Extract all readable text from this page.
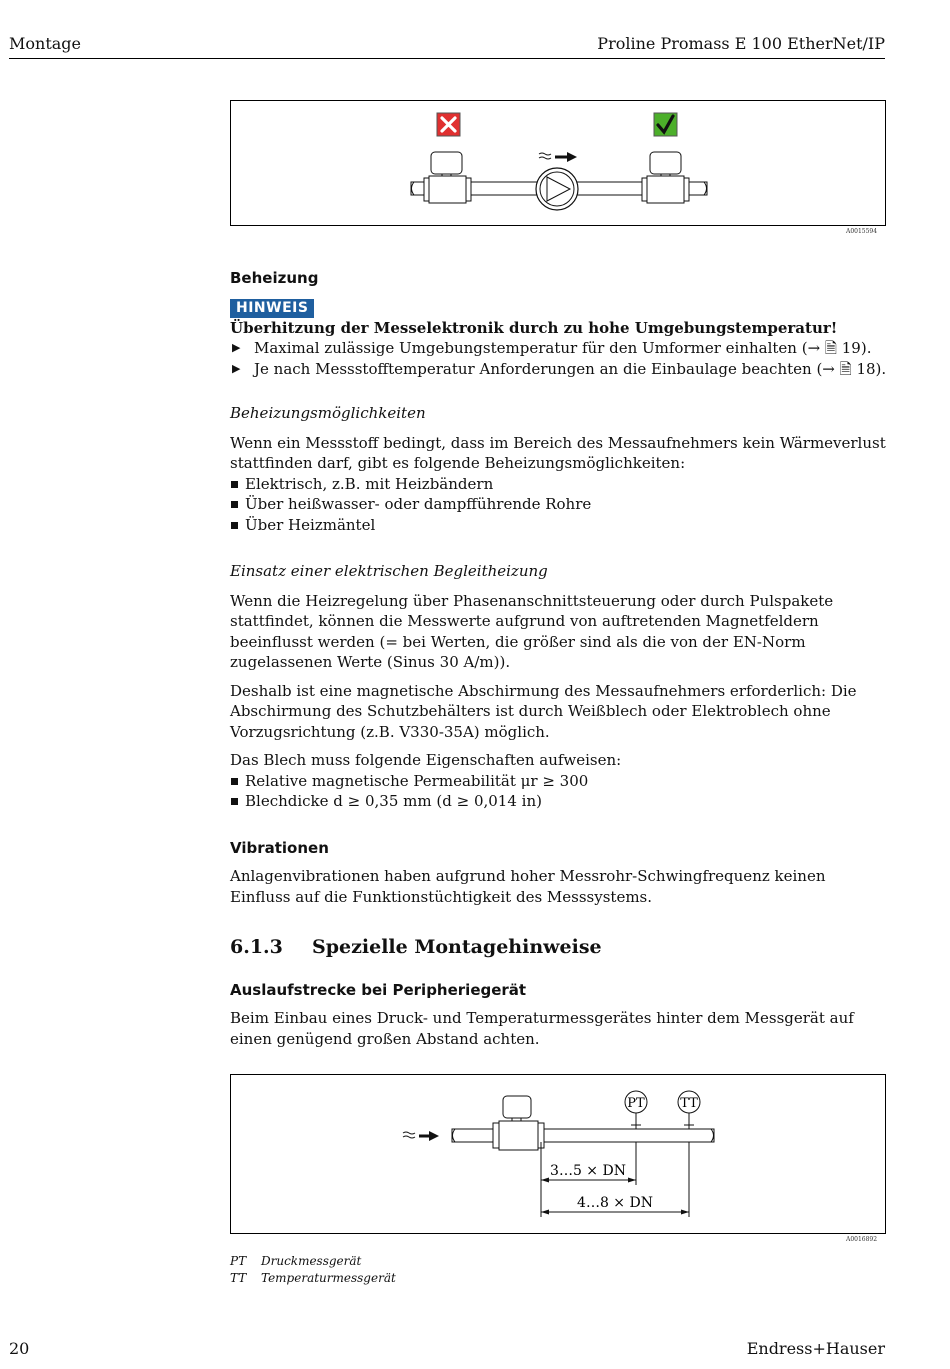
Montage	Proline Promass E 100 EtherNet/IP
A0015594
Beheizung
HINWEIS
Überhitzung der Messelektronik durch zu hohe Umgebungstemperatur!
▶ Maximal zulässige Umgebungstemperatur für den Umformer einhalten (→ 🗎 19).
▶ Je nach Messstofftemperatur Anforderungen an die Einbaulage beachten (→ 🗎 18).
Beheizungsmöglichkeiten
Wenn ein Messstoff bedingt, dass im Bereich des Messaufnehmers kein Wärmeverlust stattfinden darf, gibt es folgende Beheizungsmöglichkeiten:
Elektrisch, z.B. mit Heizbändern
Über heißwasser- oder dampfführende Rohre
Über Heizmäntel
Einsatz einer elektrischen Begleitheizung
Wenn die Heizregelung über Phasenanschnittsteuerung oder durch Pulspakete stattfindet, können die Messwerte aufgrund von auftretenden Magnetfeldern beeinflusst werden (= bei Werten, die größer sind als die von der EN-Norm zugelassenen Werte (Sinus 30 A/m)).
Deshalb ist eine magnetische Abschirmung des Messaufnehmers erforderlich: Die Abschirmung des Schutzbehälters ist durch Weißblech oder Elektroblech ohne Vorzugsrichtung (z.B. V330-35A) möglich.
Das Blech muss folgende Eigenschaften aufweisen:
Relative magnetische Permeabilität μr ≥ 300
Blechdicke d ≥ 0,35 mm (d ≥ 0,014 in)
Vibrationen
Anlagenvibrationen haben aufgrund hoher Messrohr-Schwingfrequenz keinen Einfluss auf die Funktionstüchtigkeit des Messsystems.
6.1.3 Spezielle Montagehinweise
Auslaufstrecke bei Peripheriegerät
Beim Einbau eines Druck- und Temperaturmessgerätes hinter dem Messgerät auf einen genügend großen Abstand achten.
PT	TT
3…5 × DN
4…8 × DN
A0016892
PT Druckmessgerät
TT Temperaturmessgerät
20	Endress+Hauser
